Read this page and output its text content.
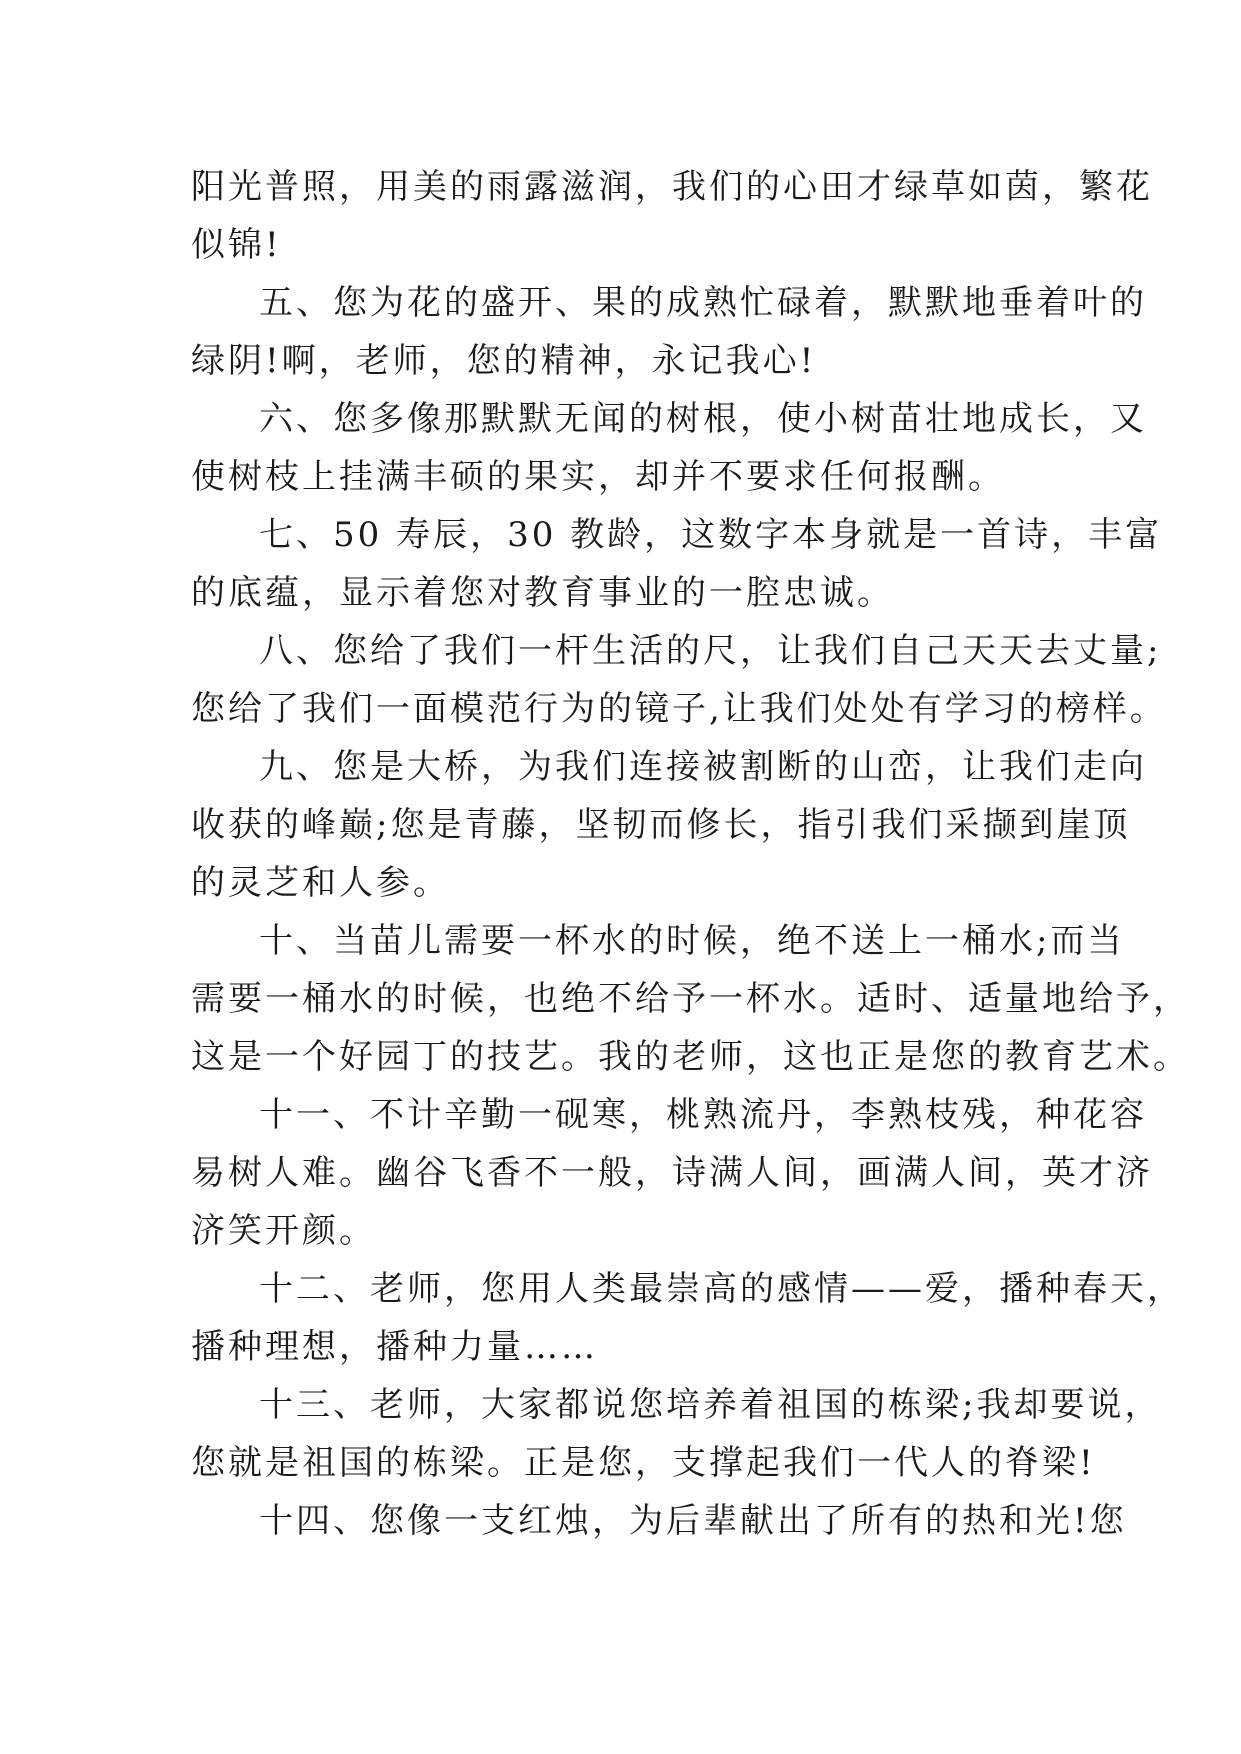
阳光普照，用美的雨露滋润，我们的心田才绿草如茵，繁花
似锦!
五、您为花的盛开、果的成熟忙碌着，默默地垂着叶的
绿阴!啊，老师，您的精神，永记我心!
六、您多像那默默无闻的树根，使小树苗壮地成长，又
使树枝上挂满丰硕的果实，却并不要求任何报酬。
七、50 寿辰，30 教龄，这数字本身就是一首诗，丰富
的底蕴，显示着您对教育事业的一腔忠诚。
八、您给了我们一杆生活的尺，让我们自己天天去丈量;
您给了我们一面模范行为的镜子,让我们处处有学习的榜样。
九、您是大桥，为我们连接被割断的山峦，让我们走向
收获的峰巅;您是青藤，坚韧而修长，指引我们采撷到崖顶
的灵芝和人参。
十、当苗儿需要一杯水的时候，绝不送上一桶水;而当
需要一桶水的时候，也绝不给予一杯水。适时、适量地给予，
这是一个好园丁的技艺。我的老师，这也正是您的教育艺术。
十一、不计辛勤一砚寒，桃熟流丹，李熟枝残，种花容
易树人难。幽谷飞香不一般，诗满人间，画满人间，英才济
济笑开颜。
十二、老师，您用人类最崇高的感情——爱，播种春天，
播种理想，播种力量……
十三、老师，大家都说您培养着祖国的栋梁;我却要说，
您就是祖国的栋梁。正是您，支撑起我们一代人的脊梁!
十四、您像一支红烛，为后辈献出了所有的热和光!您
